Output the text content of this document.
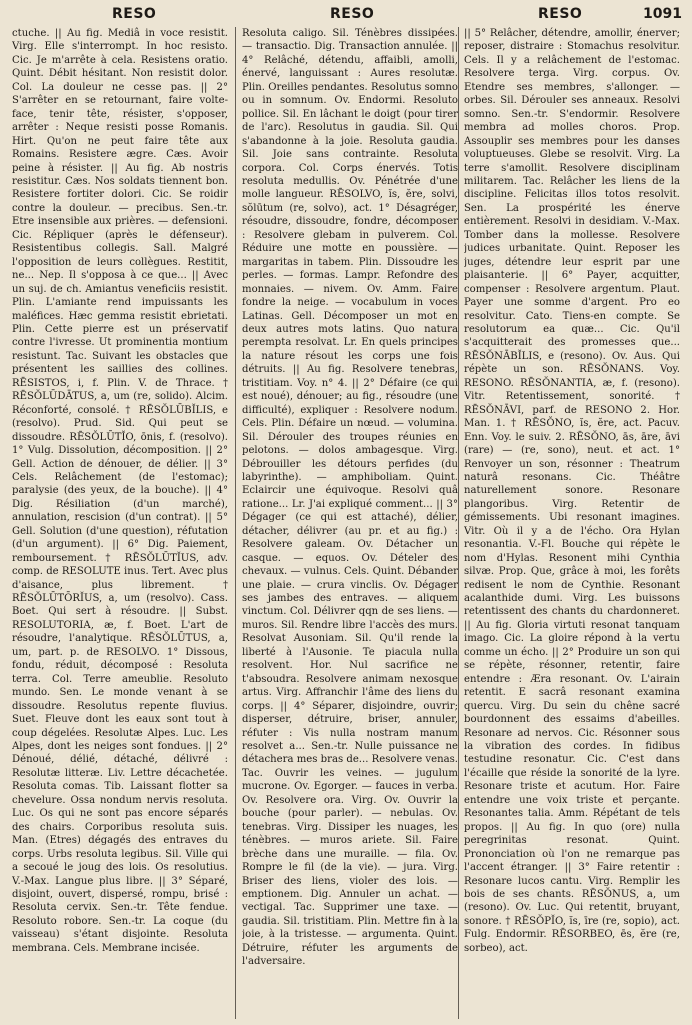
RESO	RESO	RESO	1091

ctuche. || Au fig. Mediâ in voce resistit. Virg. Elle s'interrompt. In hoc resisto. Cic. Je m'arrête à cela. Resistens oratio. Quint. Débit hésitant. Non resistit dolor. Col. La douleur ne cesse pas. || 2° S'arrêter en se retournant, faire volte-face, tenir tête, résister, s'opposer, arrêter : Neque resisti posse Romanis. Hirt. Qu'on ne peut faire tête aux Romains. Resistere ægre. Cæs. Avoir peine à résister. || Au fig. Ab nostris resistitur. Cæs. Nos soldats tiennent bon. Resistere fortiter dolori. Cic. Se roidir contre la douleur. — precibus. Sen.-tr. Etre insensible aux prières. — defensioni. Cic. Répliquer (après le défenseur). Resistentibus collegis. Sall. Malgré l'opposition de leurs collègues. Restitit, ne... Nep. Il s'opposa à ce que... || Avec un suj. de ch. Amiantus veneficiis resistit. Plin. L'amiante rend impuissants les maléfices. Hæc gemma resistit ebrietati. Plin. Cette pierre est un préservatif contre l'ivresse. Ut prominentia montium resistunt. Tac. Suivant les obstacles que présentent les saillies des collines. RĒSISTOS, i, f. Plin. V. de Thrace. † RĒSŎLŪDĀTUS, a, um (re, solido). Alcim. Réconforté, consolé. † RĒSŎLŪBĬLIS, e (resolvo). Prud. Sid. Qui peut se dissoudre. RĒSŎLŪTĬO, ōnis, f. (resolvo). 1° Vulg. Dissolution, décomposition. || 2° Gell. Action de dénouer, de délier. || 3° Cels. Relâchement (de l'estomac); paralysie (des yeux, de la bouche). || 4° Dig. Résiliation (d'un marché), annulation, rescision (d'un contrat). || 5° Gell. Solution (d'une question), réfutation (d'un argument). || 6° Dig. Paiement, remboursement. † RĒSŎLŪTĬUS, adv. comp. de RESOLUTE inus. Tert. Avec plus d'aisance, plus librement. † RĒSŎLŪTŌRĬUS, a, um (resolvo). Cass. Boet. Qui sert à résoudre. || Subst. RESOLUTORIA, æ, f. Boet. L'art de résoudre, l'analytique. RĒSŎLŪTUS, a, um, part. p. de RESOLVO. 1° Dissous, fondu, réduit, décomposé : Resoluta terra. Col. Terre ameublie. Resoluto mundo. Sen. Le monde venant à se dissoudre. Resolutus repente fluvius. Suet. Fleuve dont les eaux sont tout à coup dégelées. Resolutæ Alpes. Luc. Les Alpes, dont les neiges sont fondues. || 2° Dénoué, délié, détaché, délivré : Resolutæ litteræ. Liv. Lettre décachetée. Resoluta comas. Tib. Laissant flotter sa chevelure. Ossa nondum nervis resoluta. Luc. Os qui ne sont pas encore séparés des chairs. Corporibus resoluta suis. Man. (Etres) dégagés des entraves du corps. Urbs resoluta legibus. Sil. Ville qui a secoué le joug des lois. Os resolutius. V.-Max. Langue plus libre. || 3° Séparé, disjoint, ouvert, dispersé, rompu, brisé : Resoluta cervix. Sen.-tr. Tête fendue. Resoluto robore. Sen.-tr. La coque (du vaisseau) s'étant disjointe. Resoluta membrana. Cels. Membrane incisée.

Resoluta caligo. Sil. Ténèbres dissipées. — transactio. Dig. Transaction annulée. || 4° Relâché, détendu, affaibli, amolli, énervé, languissant : Aures resolutæ. Plin. Oreilles pendantes. Resolutus somno ou in somnum. Ov. Endormi. Resoluto pollice. Sil. En lâchant le doigt (pour tirer de l'arc). Resolutus in gaudia. Sil. Qui s'abandonne à la joie. Resoluta gaudia. Sil. Joie sans contrainte. Resoluta corpora. Col. Corps énervés. Totis resoluta medullis. Ov. Pénétrée d'une molle langueur. RĒSOLVO, ĭs, ĕre, solvi, sŏlūtum (re, solvo), act. 1° Désagréger, résoudre, dissoudre, fondre, décomposer : Resolvere glebam in pulverem. Col. Réduire une motte en poussière. — margaritas in tabem. Plin. Dissoudre les perles. — formas. Lampr. Refondre des monnaies. — nivem. Ov. Amm. Faire fondre la neige. — vocabulum in voces Latinas. Gell. Décomposer un mot en deux autres mots latins. Quo natura perempta resolvat. Lr. En quels principes la nature résout les corps une fois détruits. || Au fig. Resolvere tenebras, tristitiam. Voy. n° 4. || 2° Défaire (ce qui est noué), dénouer; au fig., résoudre (une difficulté), expliquer : Resolvere nodum. Cels. Plin. Défaire un nœud. — volumina. Sil. Dérouler des troupes réunies en pelotons. — dolos ambagesque. Virg. Débrouiller les détours perfides (du labyrinthe). — amphiboliam. Quint. Eclaircir une équivoque. Resolvi quâ ratione... Lr. J'ai expliqué comment... || 3° Dégager (ce qui est attaché), délier, détacher, délivrer (au pr. et au fig.) : Resolvere galeam. Ov. Détacher un casque. — equos. Ov. Dételer des chevaux. — vulnus. Cels. Quint. Débander une plaie. — crura vinclis. Ov. Dégager ses jambes des entraves. — aliquem vinctum. Col. Délivrer qqn de ses liens. — muros. Sil. Rendre libre l'accès des murs. Resolvat Ausoniam. Sil. Qu'il rende la liberté à l'Ausonie. Te piacula nulla resolvent. Hor. Nul sacrifice ne t'absoudra. Resolvere animam nexosque artus. Virg. Affranchir l'âme des liens du corps. || 4° Séparer, disjoindre, ouvrir; disperser, détruire, briser, annuler, réfuter : Vis nulla nostram manum resolvet a... Sen.-tr. Nulle puissance ne détachera mes bras de... Resolvere venas. Tac. Ouvrir les veines. — jugulum mucrone. Ov. Egorger. — fauces in verba. Ov. Resolvere ora. Virg. Ov. Ouvrir la bouche (pour parler). — nebulas. Ov. tenebras. Virg. Dissiper les nuages, les ténèbres. — muros ariete. Sil. Faire brèche dans une muraille. — fila. Ov. Rompre le fil (de la vie). — jura. Virg. Briser des liens, violer des lois. — emptionem. Dig. Annuler un achat. — vectigal. Tac. Supprimer une taxe. — gaudia. Sil. tristitiam. Plin. Mettre fin à la joie, à la tristesse. — argumenta. Quint. Détruire, réfuter les arguments de l'adversaire.

|| 5° Relâcher, détendre, amollir, énerver; reposer, distraire : Stomachus resolvitur. Cels. Il y a relâchement de l'estomac. Resolvere terga. Virg. corpus. Ov. Etendre ses membres, s'allonger. — orbes. Sil. Dérouler ses anneaux. Resolvi somno. Sen.-tr. S'endormir. Resolvere membra ad molles choros. Prop. Assouplir ses membres pour les danses voluptueuses. Glebe se resolvit. Virg. La terre s'amollit. Resolvere disciplinam militarem. Tac. Relâcher les liens de la discipline. Felicitas illos totos resolvit. Sen. La prospérité les énerve entièrement. Resolvi in desidiam. V.-Max. Tomber dans la mollesse. Resolvere judices urbanitate. Quint. Reposer les juges, détendre leur esprit par une plaisanterie. || 6° Payer, acquitter, compenser : Resolvere argentum. Plaut. Payer une somme d'argent. Pro eo resolvitur. Cato. Tiens-en compte. Se resolutorum ea quæ... Cic. Qu'il s'acquitterait des promesses que... RĒSŎNĀBĬLIS, e (resono). Ov. Aus. Qui répète un son. RĒSŎNANS. Voy. RESONO. RĒSŎNANTIA, æ, f. (resono). Vitr. Retentissement, sonorité. † RĒSŎNĀVI, parf. de RESONO 2. Hor. Man. 1. † RĒSŎNO, ĭs, ĕre, act. Pacuv. Enn. Voy. le suiv. 2. RĒSŎNO, ās, āre, āvi (rare) — (re, sono), neut. et act. 1° Renvoyer un son, résonner : Theatrum naturâ resonans. Cic. Théâtre naturellement sonore. Resonare plangoribus. Virg. Retentir de gémissements. Ubi resonant imagines. Vitr. Où il y a de l'écho. Ora Hylan resonantia. V.-Fl. Bouche qui répète le nom d'Hylas. Resonent mihi Cynthia silvæ. Prop. Que, grâce à moi, les forêts redisent le nom de Cynthie. Resonant acalanthide dumi. Virg. Les buissons retentissent des chants du chardonneret. || Au fig. Gloria virtuti resonat tanquam imago. Cic. La gloire répond à la vertu comme un écho. || 2° Produire un son qui se répète, résonner, retentir, faire entendre : Æra resonant. Ov. L'airain retentit. E sacrâ resonant examina quercu. Virg. Du sein du chêne sacré bourdonnent des essaims d'abeilles. Resonare ad nervos. Cic. Résonner sous la vibration des cordes. In fidibus testudine resonatur. Cic. C'est dans l'écaille que réside la sonorité de la lyre. Resonare triste et acutum. Hor. Faire entendre une voix triste et perçante. Resonantes talia. Amm. Répétant de tels propos. || Au fig. In quo (ore) nulla peregrinitas resonat. Quint. Prononciation où l'on ne remarque pas l'accent étranger. || 3° Faire retentir : Resonare lucos cantu. Virg. Remplir les bois de ses chants. RĒSŎNUS, a, um (resono). Ov. Luc. Qui retentit, bruyant, sonore. † RĒSŎPĬO, ĭs, īre (re, sopio), act. Fulg. Endormir. RĒSORBEO, ēs, ĕre (re, sorbeo), act.
